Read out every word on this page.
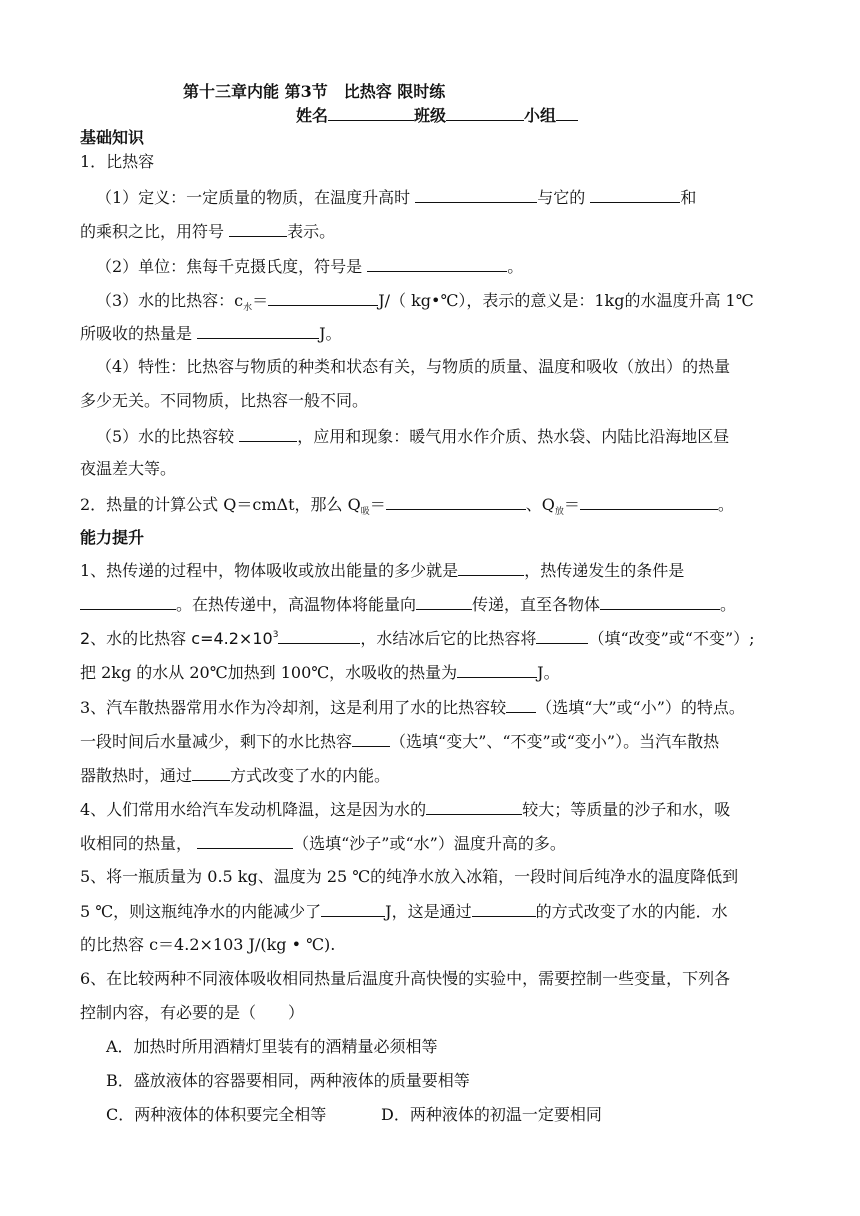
第十三章内能 第3节　比热容 限时练
姓名	班级	小组
基础知识
1．比热容
（1）定义：一定质量的物质，在温度升高时	与它的	和
的乘积之比，用符号	表示。
（2）单位：焦每千克摄氏度，符号是	。
（3）水的比热容：$c_水=$	J/（ kg•℃），表示的意义是：1kg的水温度升高 1℃
所吸收的热量是	J。
（4）特性：比热容与物质的种类和状态有关，与物质的质量、温度和吸收（放出）的热量
多少无关。不同物质，比热容一般不同。
（5）水的比热容较	，应用和现象：暖气用水作介质、热水袋、内陆比沿海地区昼
夜温差大等。
2．热量的计算公式 Q＝cmΔt，那么 $Q_吸=$	、$Q_放=$	。
能力提升
1、热传递的过程中，物体吸收或放出能量的多少就是	，热传递发生的条件是
。在热传递中，高温物体将能量向	传递，直至各物体	。
2、水的比热容 $c=4.2\times 10^3$	，水结冰后它的比热容将	（填“改变”或“不变”）;
把 2kg 的水从 20℃加热到 100℃，水吸收的热量为	J。
3、汽车散热器常用水作为冷却剂，这是利用了水的比热容较 （选填“大”或“小”）的特点。
一段时间后水量减少，剩下的水比热容 （选填“变大”、“不变”或“变小”）。当汽车散热
器散热时，通过 方式改变了水的内能。
4、人们常用水给汽车发动机降温，这是因为水的	较大；等质量的沙子和水，吸
收相同的热量，	（选填“沙子”或“水”）温度升高的多。
5、将一瓶质量为 0.5 kg、温度为 25 ℃的纯净水放入冰箱，一段时间后纯净水的温度降低到
5 ℃，则这瓶纯净水的内能减少了	J，这是通过	的方式改变了水的内能．水
的比热容 c＝4.2×103 J/(kg • ℃).
6、在比较两种不同液体吸收相同热量后温度升高快慢的实验中，需要控制一些变量，下列各
控制内容，有必要的是（　　）
A．加热时所用酒精灯里装有的酒精量必须相等
B．盛放液体的容器要相同，两种液体的质量要相等
C．两种液体的体积要完全相等	D．两种液体的初温一定要相同
